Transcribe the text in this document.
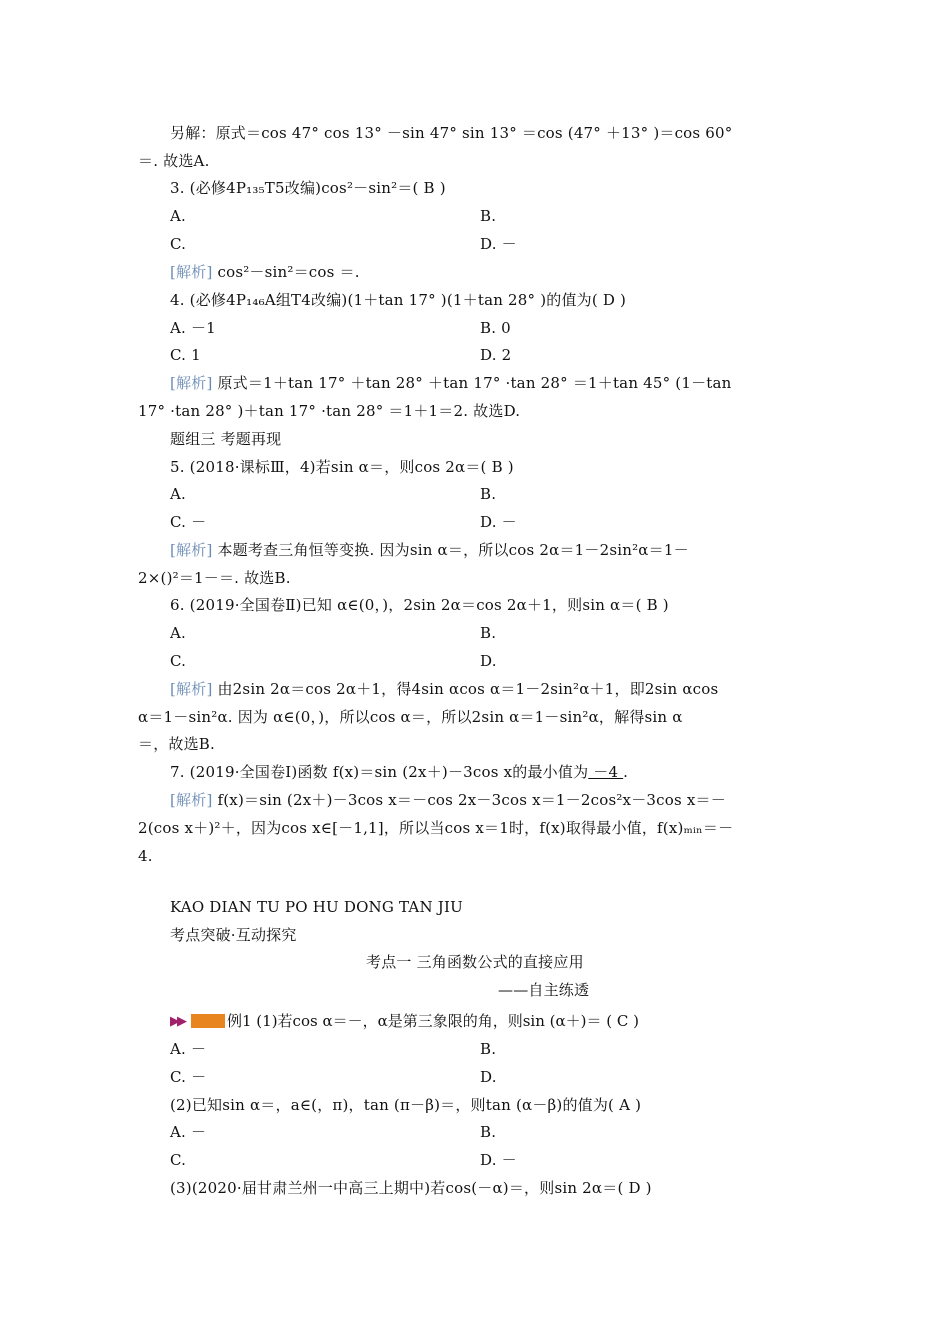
另解：原式＝cos 47° cos 13° －sin 47° sin 13° ＝cos (47° ＋13° )＝cos 60°
＝. 故选A.
3. (必修4P₁₃₅T5改编)cos²－sin²＝( B )
A.	B.
C.	D. －
[解析] cos²－sin²＝cos ＝.
4. (必修4P₁₄₆A组T4改编)(1＋tan 17° )(1＋tan 28° )的值为( D )
A. －1	B. 0
C. 1	D. 2
[解析] 原式＝1＋tan 17° ＋tan 28° ＋tan 17° ·tan 28° ＝1＋tan 45° (1－tan
17° ·tan 28° )＋tan 17° ·tan 28° ＝1＋1＝2. 故选D.
题组三 考题再现
5. (2018·课标Ⅲ，4)若sin α＝，则cos 2α＝( B )
A.	B.
C. －	D. －
[解析] 本题考查三角恒等变换. 因为sin α＝，所以cos 2α＝1－2sin²α＝1－
2×()²＝1－＝. 故选B.
6. (2019·全国卷Ⅱ)已知 α∈(0，)，2sin 2α＝cos 2α＋1，则sin α＝( B )
A.	B.
C.	D.
[解析] 由2sin 2α＝cos 2α＋1，得4sin αcos α＝1－2sin²α＋1，即2sin αcos
α＝1－sin²α. 因为 α∈(0，)，所以cos α＝，所以2sin α＝1－sin²α，解得sin α
＝，故选B.
7. (2019·全国卷Ⅰ)函数 f(x)＝sin (2x＋)－3cos x的最小值为 －4 .
[解析] f(x)＝sin (2x＋)－3cos x＝－cos 2x－3cos x＝1－2cos²x－3cos x＝－
2(cos x＋)²＋，因为cos x∈[－1,1]，所以当cos x＝1时，f(x)取得最小值，f(x)ₘᵢₙ＝－
4.
KAO DIAN TU PO HU DONG TAN JIU
考点突破·互动探究
考点一 三角函数公式的直接应用
——自主练透
▶▶	例1 (1)若cos α＝－，α是第三象限的角，则sin (α＋)＝ ( C )
A. －	B.
C. －	D.
(2)已知sin α＝，a∈(，π)，tan (π－β)＝，则tan (α－β)的值为( A )
A. －	B.
C.	D. －
(3)(2020·届甘肃兰州一中高三上期中)若cos(－α)＝，则sin 2α＝( D )
